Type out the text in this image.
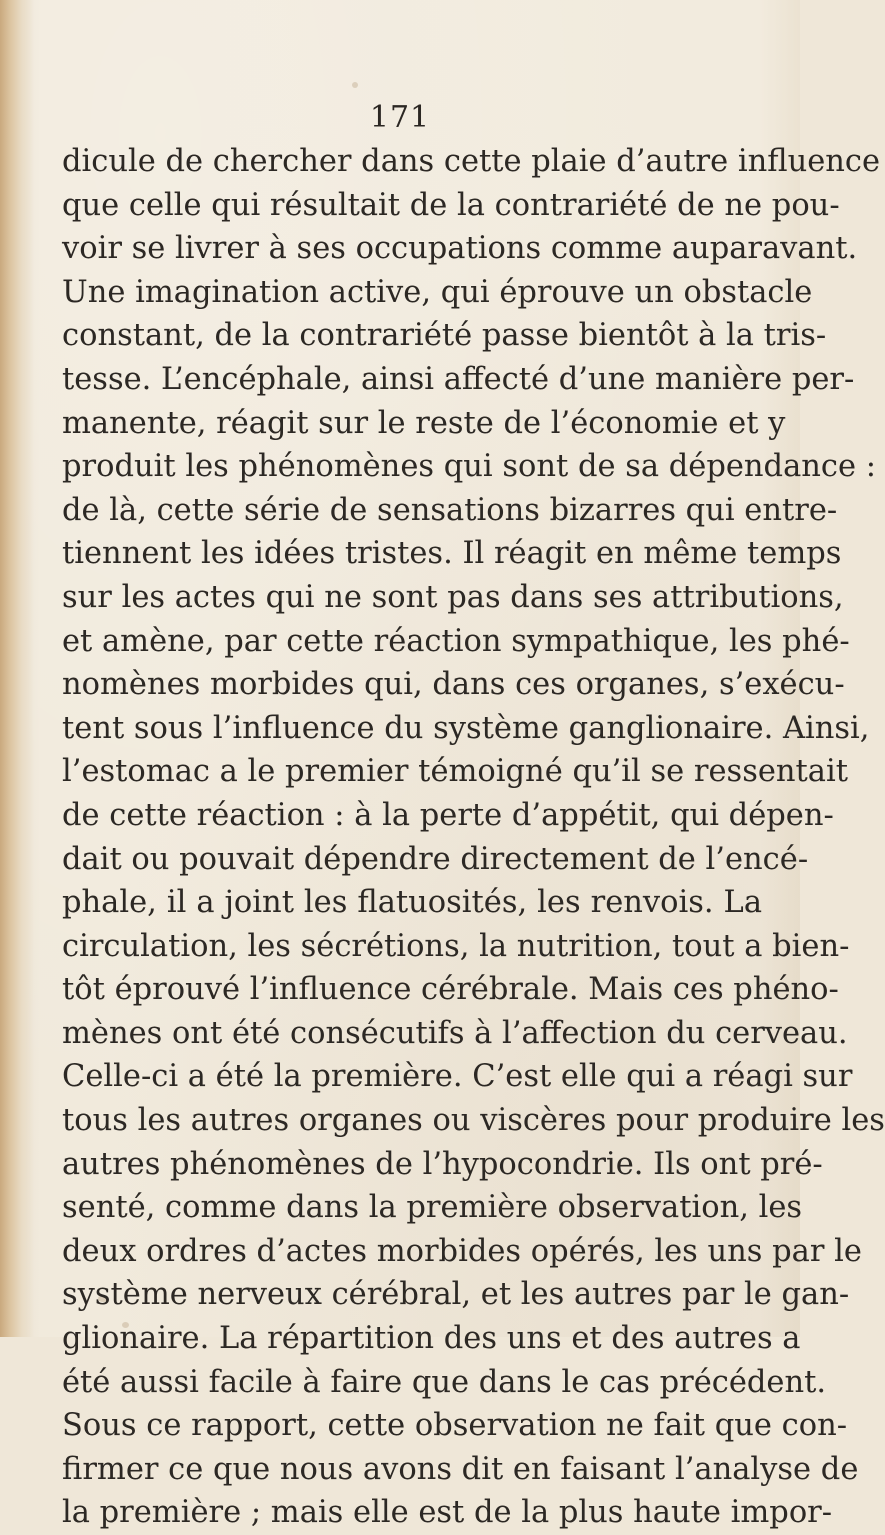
171
dicule de chercher dans cette plaie d’autre influence
que celle qui résultait de la contrariété de ne pou-
voir se livrer à ses occupations comme auparavant.
Une imagination active, qui éprouve un obstacle
constant, de la contrariété passe bientôt à la tris-
tesse. L’encéphale, ainsi affecté d’une manière per-
manente, réagit sur le reste de l’économie et y
produit les phénomènes qui sont de sa dépendance :
de là, cette série de sensations bizarres qui entre-
tiennent les idées tristes. Il réagit en même temps
sur les actes qui ne sont pas dans ses attributions,
et amène, par cette réaction sympathique, les phé-
nomènes morbides qui, dans ces organes, s’exécu-
tent sous l’influence du système ganglionaire. Ainsi,
l’estomac a le premier témoigné qu’il se ressentait
de cette réaction : à la perte d’appétit, qui dépen-
dait ou pouvait dépendre directement de l’encé-
phale, il a joint les flatuosités, les renvois. La
circulation, les sécrétions, la nutrition, tout a bien-
tôt éprouvé l’influence cérébrale. Mais ces phéno-
mènes ont été consécutifs à l’affection du cerveau.
Celle-ci a été la première. C’est elle qui a réagi sur
tous les autres organes ou viscères pour produire les
autres phénomènes de l’hypocondrie. Ils ont pré-
senté, comme dans la première observation, les
deux ordres d’actes morbides opérés, les uns par le
système nerveux cérébral, et les autres par le gan-
glionaire. La répartition des uns et des autres a
été aussi facile à faire que dans le cas précédent.
Sous ce rapport, cette observation ne fait que con-
firmer ce que nous avons dit en faisant l’analyse de
la première ; mais elle est de la plus haute impor-
